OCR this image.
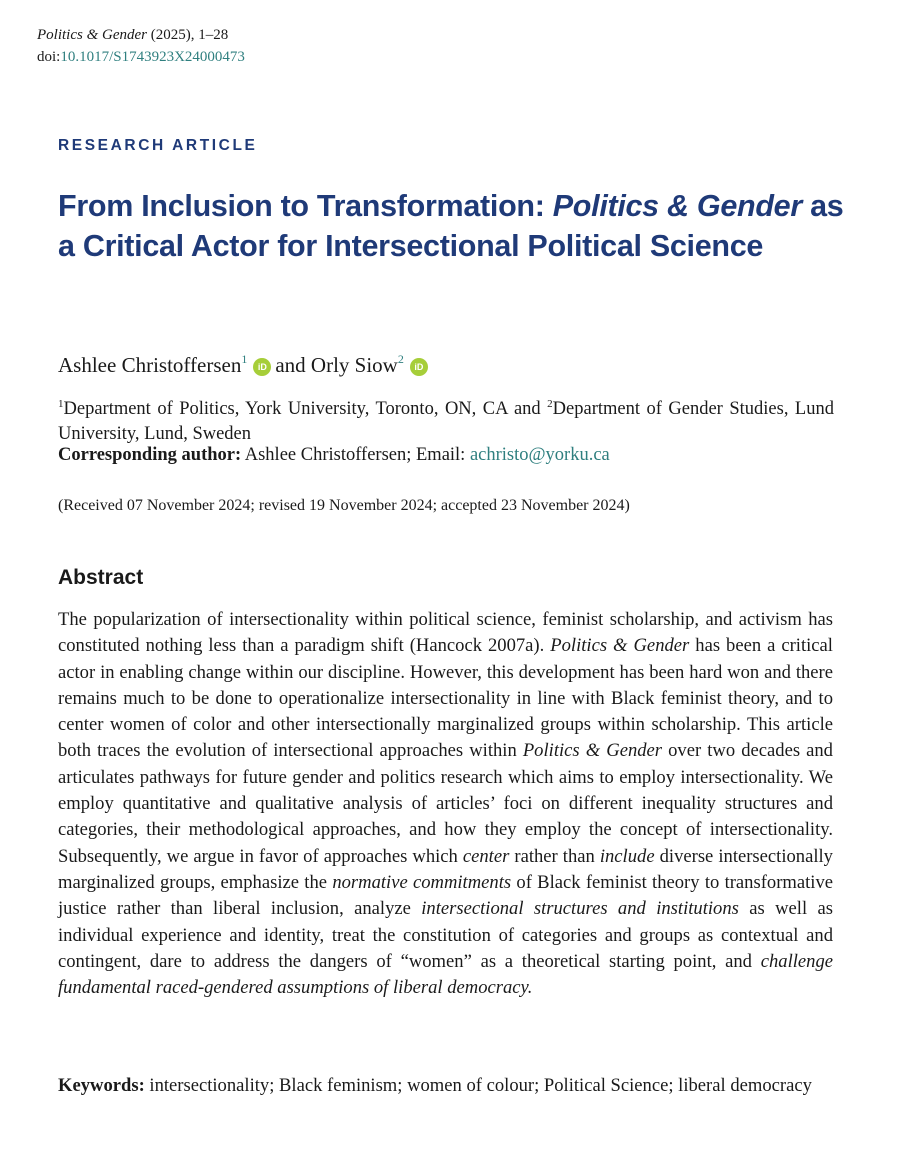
Politics & Gender (2025), 1–28
doi:10.1017/S1743923X24000473
RESEARCH ARTICLE
From Inclusion to Transformation: Politics & Gender as a Critical Actor for Intersectional Political Science
Ashlee Christoffersen$^1$iD and Orly Siow$^2$iD
$^1$Department of Politics, York University, Toronto, ON, CA and $^2$Department of Gender Studies, Lund University, Lund, Sweden
Corresponding author: Ashlee Christoffersen; Email: achristo@yorku.ca
(Received 07 November 2024; revised 19 November 2024; accepted 23 November 2024)
Abstract
The popularization of intersectionality within political science, feminist scholarship, and activism has constituted nothing less than a paradigm shift (Hancock 2007a). Politics & Gender has been a critical actor in enabling change within our discipline. However, this development has been hard won and there remains much to be done to operationalize intersectionality in line with Black feminist theory, and to center women of color and other intersectionally marginalized groups within scholarship. This article both traces the evolution of intersectional approaches within Politics & Gender over two decades and articulates pathways for future gender and politics research which aims to employ intersectionality. We employ quantitative and qualitative analysis of articles’ foci on different inequality structures and categories, their methodological approaches, and how they employ the concept of intersectionality. Subsequently, we argue in favor of approaches which center rather than include diverse intersectionally marginalized groups, emphasize the normative commitments of Black feminist theory to transformative justice rather than liberal inclusion, analyze intersectional structures and institutions as well as individual experience and identity, treat the constitution of categories and groups as contextual and contingent, dare to address the dangers of “women” as a theoretical starting point, and challenge fundamental raced-gendered assumptions of liberal democracy.
Keywords: intersectionality; Black feminism; women of colour; Political Science; liberal democracy
